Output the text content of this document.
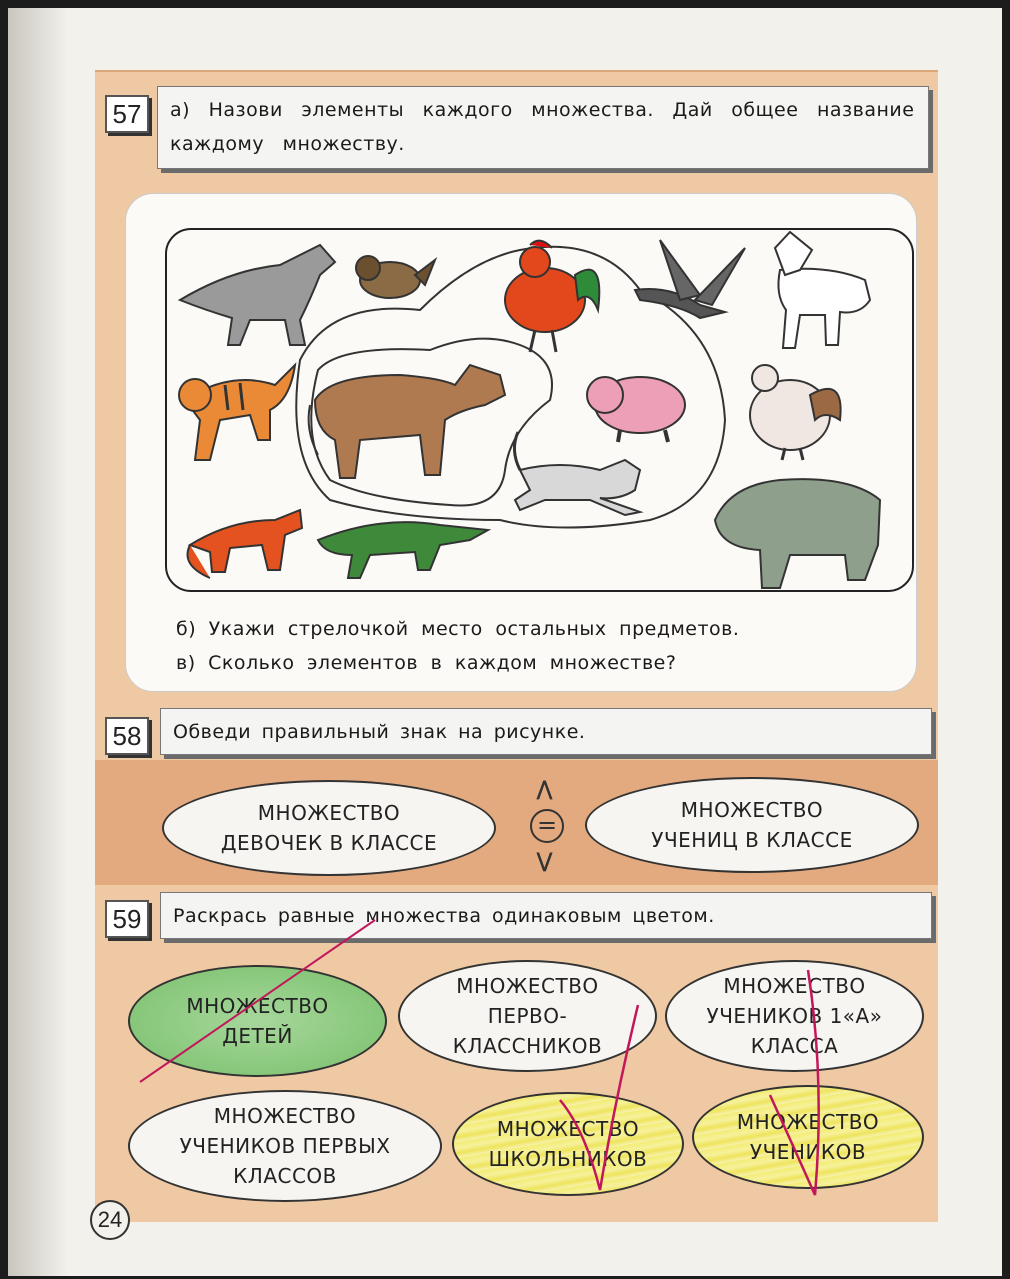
57	а) Назови элементы каждого множества. Дай общее название каждому множеству.
б) Укажи стрелочкой место остальных предметов.
в) Сколько элементов в каждом множестве?
58	Обведи правильный знак на рисунке.
МНОЖЕСТВО
ДЕВОЧЕК В КЛАССЕ
МНОЖЕСТВО
УЧЕНИЦ В КЛАССЕ
<
=
>
59	Раскрась равные множества одинаковым цветом.
МНОЖЕСТВО
ДЕТЕЙ
МНОЖЕСТВО
ПЕРВО-
КЛАССНИКОВ
МНОЖЕСТВО
УЧЕНИКОВ 1«А»
КЛАССА
МНОЖЕСТВО
УЧЕНИКОВ ПЕРВЫХ
КЛАССОВ
МНОЖЕСТВО
ШКОЛЬНИКОВ
МНОЖЕСТВО
УЧЕНИКОВ
24
